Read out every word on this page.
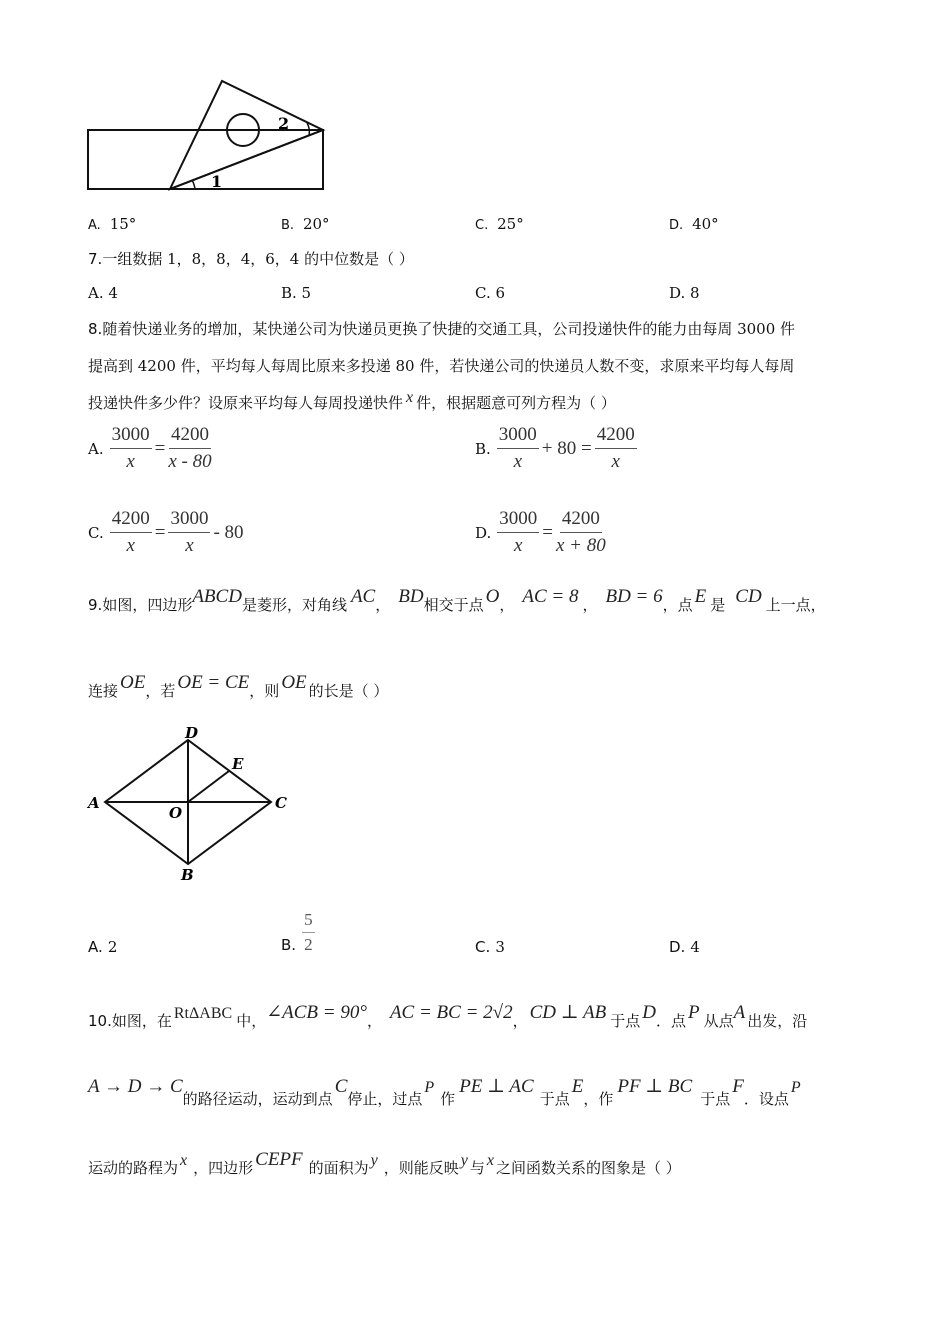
1
2
A. 15°	B. 20°	C. 25°	D. 40°
7.一组数据 1，8，8，4，6，4 的中位数是（ ）
A. 4	B. 5	C. 6	D. 8
8.随着快递业务的增加，某快递公司为快递员更换了快捷的交通工具，公司投递快件的能力由每周 3000 件
提高到 4200 件，平均每人每周比原来多投递 80 件，若快递公司的快递员人数不变，求原来平均每人每周
投递快件多少件？设原来平均每人每周投递快件 x 件，根据题意可列方程为（ ）
A. $\frac{3000}{x} = \frac{4200}{x - 80}$	B. $\frac{3000}{x} + 80 = \frac{4200}{x}$
C. $\frac{4200}{x} = \frac{3000}{x} - 80$	D. $\frac{3000}{x} = \frac{4200}{x + 80}$
9.如图，四边形ABCD是菱形，对角线 AC， BD相交于点 O， AC = 8 ， BD = 6，点 E 是 CD 上一点，
连接 OE，若 OE = CE，则 OE 的长是（ ）
A
D
E
C
O
B
A. 2	B. $\frac{5}{2}$	C. 3	D. 4
10.如图，在 RtΔABC 中，∠ACB = 90°， AC = BC = 2√2， CD ⊥ AB 于点 D．点 P 从点A 出发，沿
A → D → C的路径运动，运动到点C停止，过点P作PE ⊥ AC于点E，作PF ⊥ BC于点F．设点P
运动的路程为 x ，四边形 CEPF 的面积为 y ，则能反映 y 与 x 之间函数关系的图象是（ ）
